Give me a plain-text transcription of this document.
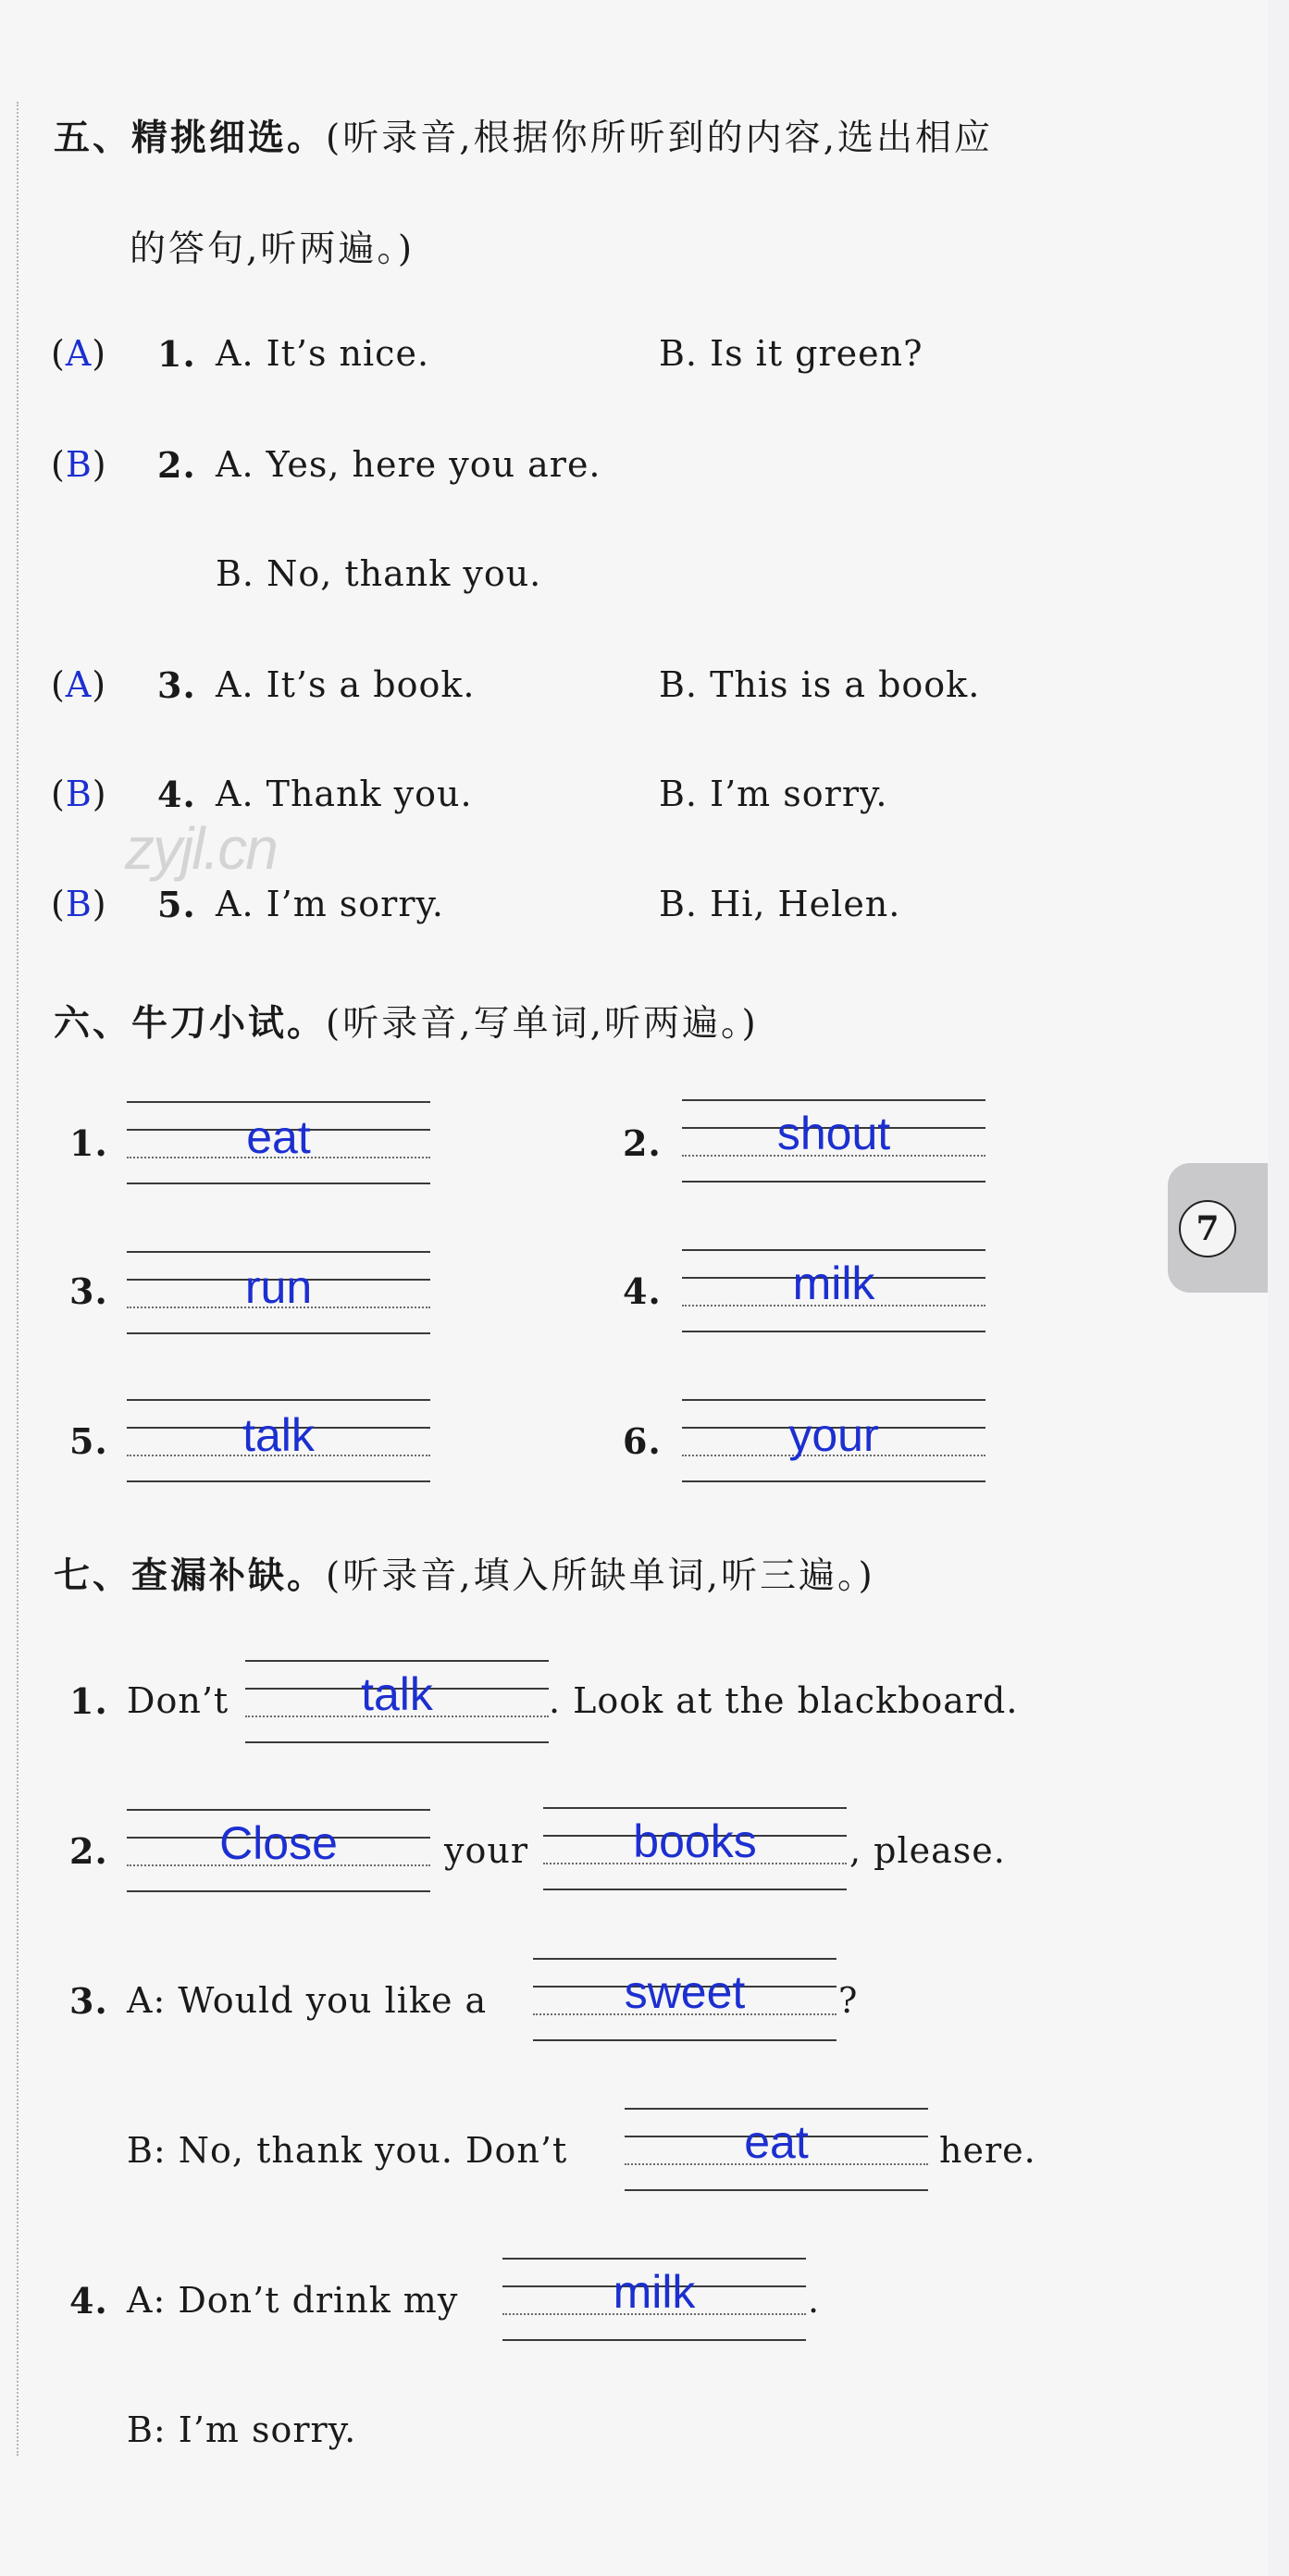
五、精挑细选。(听录音,根据你所听到的内容,选出相应
的答句,听两遍。)
(A) 1. A. It’s nice.	B. Is it green?
(B) 2. A. Yes, here you are.
B. No, thank you.
(A) 3. A. It’s a book.	B. This is a book.
(B) 4. A. Thank you.	B. I’m sorry.
(B) 5. A. I’m sorry.	B. Hi, Helen.
zyjl.cn
六、牛刀小试。(听录音,写单词,听两遍。)
1.	eat	2.	shout
3.	run	4.	milk
5.	talk	6.	your
七、查漏补缺。(听录音,填入所缺单词,听三遍。)
1. Don’t	talk	. Look at the blackboard.
2.	Close	your	books	, please.
3. A: Would you like a	sweet	?
B: No, thank you. Don’t	eat	here.
4. A: Don’t drink my	milk	.
B: I’m sorry.
7
